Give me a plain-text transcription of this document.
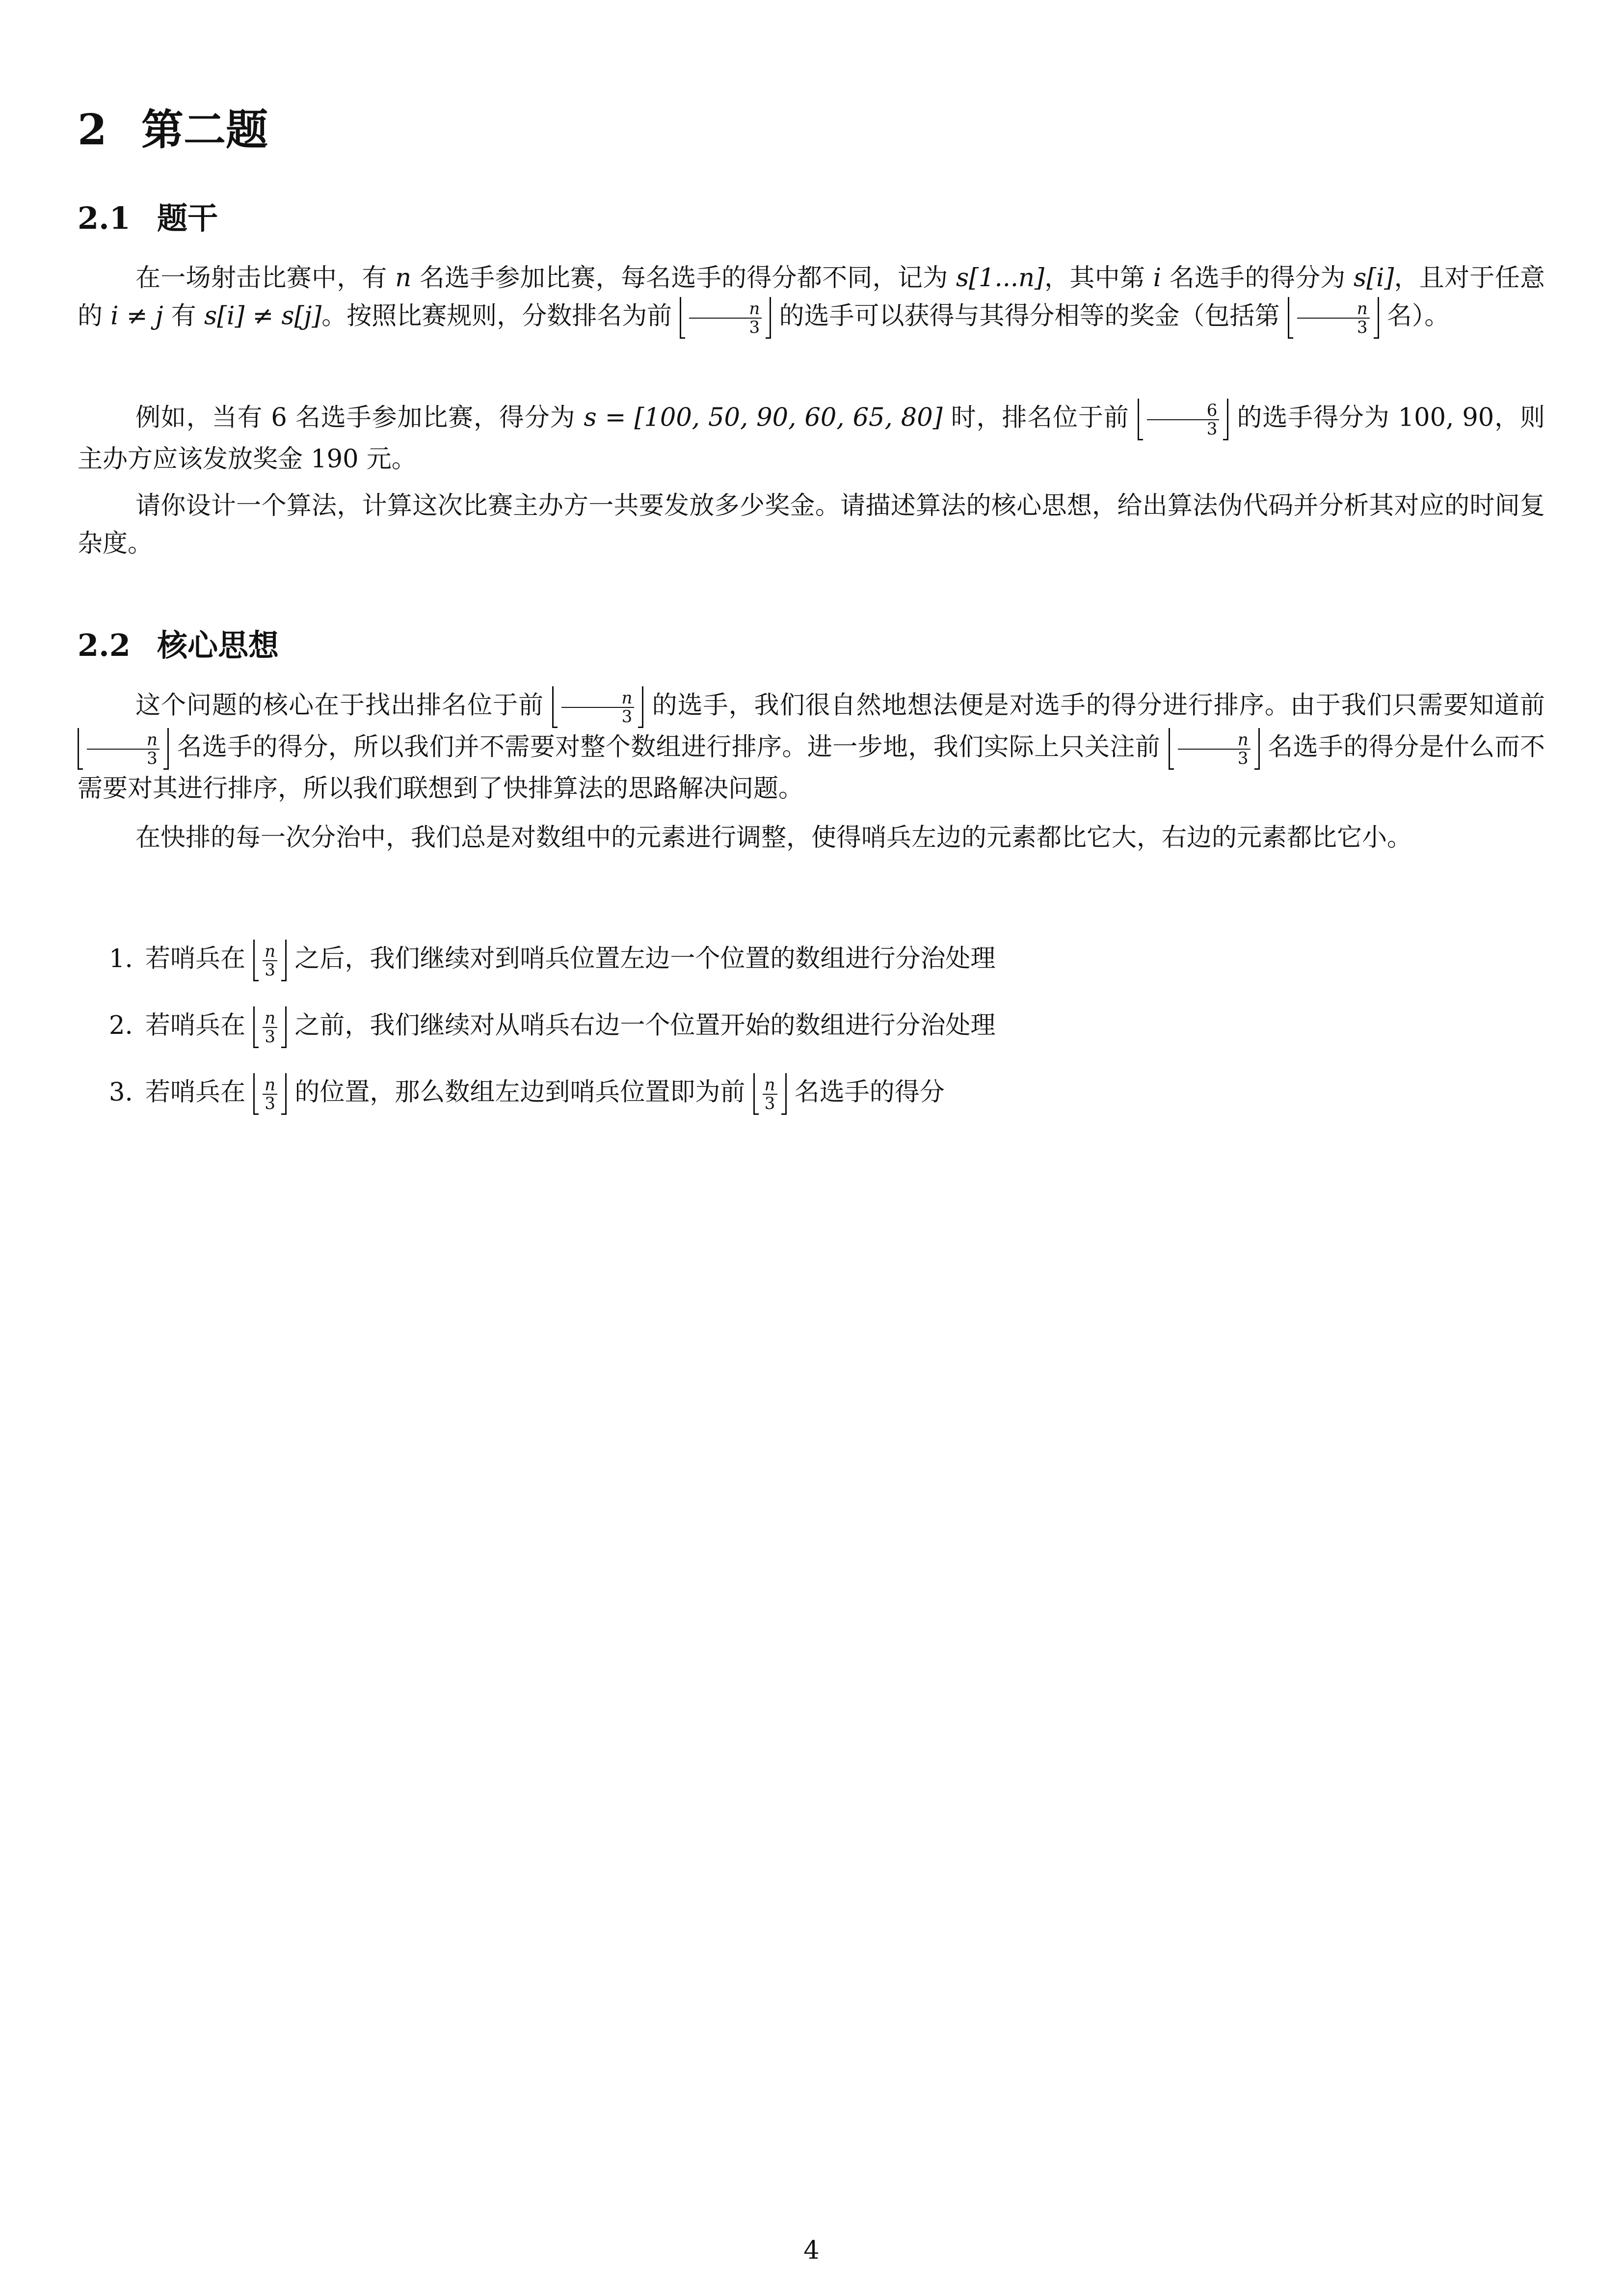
2 第二题
2.1 题干

在一场射击比赛中，有 n 名选手参加比赛，每名选手的得分都不同，记为 s[1...n]，其中第 i 名选手的得分为 s[i]，且对于任意的 i ≠ j 有 s[i] ≠ s[j]。按照比赛规则，分数排名为前 $\frac{n}{3}$ 的选手可以获得与其得分相等的奖金（包括第 $\frac{n}{3}$ 名）。

例如，当有 6 名选手参加比赛，得分为 s = [100, 50, 90, 60, 65, 80] 时，排名位于前 $\frac{6}{3}$ 的选手得分为 100, 90，则主办方应该发放奖金 190 元。

请你设计一个算法，计算这次比赛主办方一共要发放多少奖金。请描述算法的核心思想，给出算法伪代码并分析其对应的时间复杂度。

2.2 核心思想

这个问题的核心在于找出排名位于前 $\frac{n}{3}$ 的选手，我们很自然地想法便是对选手的得分进行排序。由于我们只需要知道前
$\frac{n}{3}$ 名选手的得分，所以我们并不需要对整个数组进行排序。进一步地，我们实际上只关注前 $\frac{n}{3}$ 名选手的得分是什么而不需要对其进行排序，所以我们联想到了快排算法的思路解决问题。

在快排的每一次分治中，我们总是对数组中的元素进行调整，使得哨兵左边的元素都比它大，右边的元素都比它小。

1. 若哨兵在 $\frac{n}{3}$ 之后，我们继续对到哨兵位置左边一个位置的数组进行分治处理
2. 若哨兵在 $\frac{n}{3}$ 之前，我们继续对从哨兵右边一个位置开始的数组进行分治处理
3. 若哨兵在 $\frac{n}{3}$ 的位置，那么数组左边到哨兵位置即为前 $\frac{n}{3}$ 名选手的得分
4
